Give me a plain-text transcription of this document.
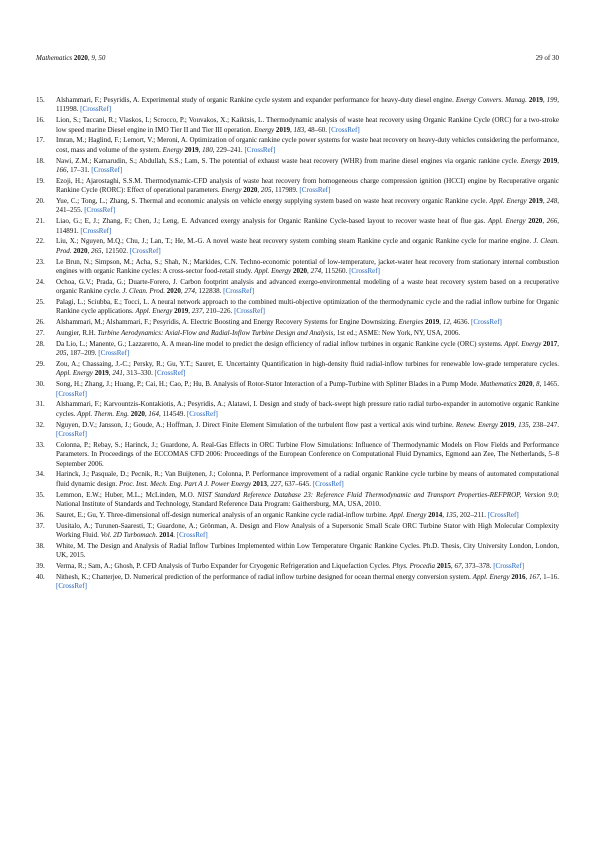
Mathematics 2020, 9, 50	29 of 30
15. Alshammari, F.; Pesyridis, A. Experimental study of organic Rankine cycle system and expander performance for heavy-duty diesel engine. Energy Convers. Manag. 2019, 199, 111998. [CrossRef]
16. Lion, S.; Taccani, R.; Vlaskos, I.; Scrocco, P.; Vouvakos, X.; Kaiktsis, L. Thermodynamic analysis of waste heat recovery using Organic Rankine Cycle (ORC) for a two-stroke low speed marine Diesel engine in IMO Tier II and Tier III operation. Energy 2019, 183, 48–60. [CrossRef]
17. Imran, M.; Haglind, F.; Lemort, V.; Meroni, A. Optimization of organic rankine cycle power systems for waste heat recovery on heavy-duty vehicles considering the performance, cost, mass and volume of the system. Energy 2019, 180, 229–241. [CrossRef]
18. Nawi, Z.M.; Kamarudin, S.; Abdullah, S.S.; Lam, S. The potential of exhaust waste heat recovery (WHR) from marine diesel engines via organic rankine cycle. Energy 2019, 166, 17–31. [CrossRef]
19. Ezoji, H.; Ajarostaghi, S.S.M. Thermodynamic-CFD analysis of waste heat recovery from homogeneous charge compression ignition (HCCI) engine by Recuperative organic Rankine Cycle (RORC): Effect of operational parameters. Energy 2020, 205, 117989. [CrossRef]
20. Yue, C.; Tong, L.; Zhang, S. Thermal and economic analysis on vehicle energy supplying system based on waste heat recovery organic Rankine cycle. Appl. Energy 2019, 248, 241–255. [CrossRef]
21. Liao, G.; E, J.; Zhang, F.; Chen, J.; Leng, E. Advanced exergy analysis for Organic Rankine Cycle-based layout to recover waste heat of flue gas. Appl. Energy 2020, 266, 114891. [CrossRef]
22. Liu, X.; Nguyen, M.Q.; Chu, J.; Lan, T.; He, M.-G. A novel waste heat recovery system combing steam Rankine cycle and organic Rankine cycle for marine engine. J. Clean. Prod. 2020, 265, 121502. [CrossRef]
23. Le Brun, N.; Simpson, M.; Acha, S.; Shah, N.; Markides, C.N. Techno-economic potential of low-temperature, jacket-water heat recovery from stationary internal combustion engines with organic Rankine cycles: A cross-sector food-retail study. Appl. Energy 2020, 274, 115260. [CrossRef]
24. Ochoa, G.V.; Prada, G.; Duarte-Forero, J. Carbon footprint analysis and advanced exergo-environmental modeling of a waste heat recovery system based on a recuperative organic Rankine cycle. J. Clean. Prod. 2020, 274, 122838. [CrossRef]
25. Palagi, L.; Sciubba, E.; Tocci, L. A neural network approach to the combined multi-objective optimization of the thermodynamic cycle and the radial inflow turbine for Organic Rankine cycle applications. Appl. Energy 2019, 237, 210–226. [CrossRef]
26. Alshammari, M.; Alshammari, F.; Pesyridis, A. Electric Boosting and Energy Recovery Systems for Engine Downsizing. Energies 2019, 12, 4636. [CrossRef]
27. Aungier, R.H. Turbine Aerodynamics: Axial-Flow and Radial-Inflow Turbine Design and Analysis, 1st ed.; ASME: New York, NY, USA, 2006.
28. Da Lio, L.; Manente, G.; Lazzaretto, A. A mean-line model to predict the design efficiency of radial inflow turbines in organic Rankine cycle (ORC) systems. Appl. Energy 2017, 205, 187–209. [CrossRef]
29. Zou, A.; Chassaing, J.-C.; Persky, R.; Gu, Y.T.; Sauret, E. Uncertainty Quantification in high-density fluid radial-inflow turbines for renewable low-grade temperature cycles. Appl. Energy 2019, 241, 313–330. [CrossRef]
30. Song, H.; Zhang, J.; Huang, P.; Cai, H.; Cao, P.; Hu, B. Analysis of Rotor-Stator Interaction of a Pump-Turbine with Splitter Blades in a Pump Mode. Mathematics 2020, 8, 1465. [CrossRef]
31. Alshammari, F.; Karvountzis-Kontakiotis, A.; Pesyridis, A.; Alatawi, I. Design and study of back-swept high pressure ratio radial turbo-expander in automotive organic Rankine cycles. Appl. Therm. Eng. 2020, 164, 114549. [CrossRef]
32. Nguyen, D.V.; Jansson, J.; Goude, A.; Hoffman, J. Direct Finite Element Simulation of the turbulent flow past a vertical axis wind turbine. Renew. Energy 2019, 135, 238–247. [CrossRef]
33. Colonna, P.; Rebay, S.; Harinck, J.; Guardone, A. Real-Gas Effects in ORC Turbine Flow Simulations: Influence of Thermodynamic Models on Flow Fields and Performance Parameters. In Proceedings of the ECCOMAS CFD 2006: Proceedings of the European Conference on Computational Fluid Dynamics, Egmond aan Zee, The Netherlands, 5–8 September 2006.
34. Harinck, J.; Pasquale, D.; Pecnik, R.; Van Buijtenen, J.; Colonna, P. Performance improvement of a radial organic Rankine cycle turbine by means of automated computational fluid dynamic design. Proc. Inst. Mech. Eng. Part A J. Power Energy 2013, 227, 637–645. [CrossRef]
35. Lemmon, E.W.; Huber, M.L.; McLinden, M.O. NIST Standard Reference Database 23: Reference Fluid Thermodynamic and Transport Properties-REFPROP, Version 9.0; National Institute of Standards and Technology, Standard Reference Data Program: Gaithersburg, MA, USA, 2010.
36. Sauret, E.; Gu, Y. Three-dimensional off-design numerical analysis of an organic Rankine cycle radial-inflow turbine. Appl. Energy 2014, 135, 202–211. [CrossRef]
37. Uusitalo, A.; Turunen-Saaresti, T.; Guardone, A.; Grönman, A. Design and Flow Analysis of a Supersonic Small Scale ORC Turbine Stator with High Molecular Complexity Working Fluid. Vol. 2D Turbomach. 2014. [CrossRef]
38. White, M. The Design and Analysis of Radial Inflow Turbines Implemented within Low Temperature Organic Rankine Cycles. Ph.D. Thesis, City University London, London, UK, 2015.
39. Verma, R.; Sam, A.; Ghosh, P. CFD Analysis of Turbo Expander for Cryogenic Refrigeration and Liquefaction Cycles. Phys. Procedia 2015, 67, 373–378. [CrossRef]
40. Nithesh, K.; Chatterjee, D. Numerical prediction of the performance of radial inflow turbine designed for ocean thermal energy conversion system. Appl. Energy 2016, 167, 1–16. [CrossRef]
